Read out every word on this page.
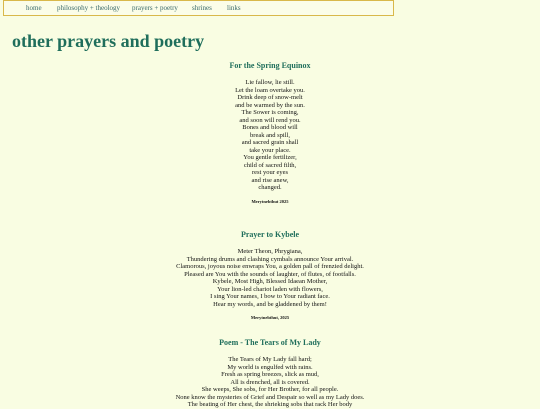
home philosophy + theology prayers + poetry shrines links
other prayers and poetry
For the Spring Equinox
Lie fallow, lie still.
Let the loam overtake you.
Drink deep of snow-melt
and be warmed by the sun.
The Sower is coming,
and soon will rend you.
Bones and blood will
break and spill,
and sacred grain shall
take your place.
You gentle fertilizer,
child of sacred filth,
rest your eyes
and rise anew,
changed.
Merytnebthut 2025
Prayer to Kybele
Meter Theon, Phrygiana,
Thundering drums and clashing cymbals announce Your arrival.
Clamorous, joyous noise enwraps You, a golden pall of frenzied delight.
Pleased are You with the sounds of laughter, of flutes, of footfalls.
Kybele, Most High, Blessed Idaean Mother,
Your lion-led chariot laden with flowers,
I sing Your names, I bow to Your radiant face.
Hear my words, and be gladdened by them!
Merytnebthut, 2025
Poem - The Tears of My Lady
The Tears of My Lady fall hard;
My world is engulfed with rains.
Fresh as spring breezes, slick as mud,
All is drenched, all is covered.
She weeps, She sobs, for Her Brother, for all people.
None know the mysteries of Grief and Despair so well as my Lady does.
The beating of Her chest, the shrieking sobs that rack Her body
